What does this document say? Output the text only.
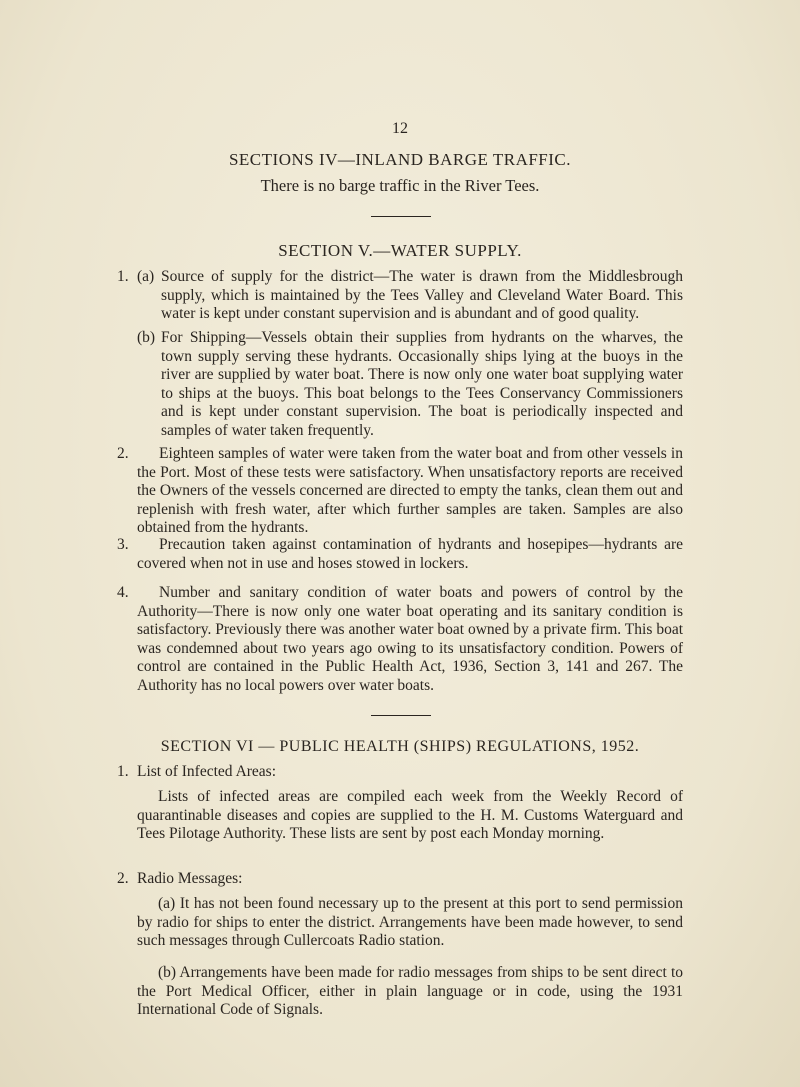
12
SECTIONS IV—INLAND BARGE TRAFFIC.
There is no barge traffic in the River Tees.
SECTION V.—WATER SUPPLY.
1. (a) Source of supply for the district—The water is drawn from the Middlesbrough supply, which is maintained by the Tees Valley and Cleveland Water Board. This water is kept under constant supervision and is abundant and of good quality.
(b) For Shipping—Vessels obtain their supplies from hydrants on the wharves, the town supply serving these hydrants. Occasionally ships lying at the buoys in the river are supplied by water boat. There is now only one water boat supplying water to ships at the buoys. This boat belongs to the Tees Conservancy Commissioners and is kept under constant supervision. The boat is periodically inspected and samples of water taken frequently.
2.	Eighteen samples of water were taken from the water boat and from other vessels in the Port. Most of these tests were satisfactory. When unsatisfactory reports are received the Owners of the vessels concerned are directed to empty the tanks, clean them out and replenish with fresh water, after which further samples are taken. Samples are also obtained from the hydrants.
3.	Precaution taken against contamination of hydrants and hosepipes—hydrants are covered when not in use and hoses stowed in lockers.
4.	Number and sanitary condition of water boats and powers of control by the Authority—There is now only one water boat operating and its sanitary condition is satisfactory. Previously there was another water boat owned by a private firm. This boat was condemned about two years ago owing to its unsatisfactory condition. Powers of control are contained in the Public Health Act, 1936, Section 3, 141 and 267. The Authority has no local powers over water boats.
SECTION VI — PUBLIC HEALTH (SHIPS) REGULATIONS, 1952.
1. List of Infected Areas:
Lists of infected areas are compiled each week from the Weekly Record of quarantinable diseases and copies are supplied to the H. M. Customs Waterguard and Tees Pilotage Authority. These lists are sent by post each Monday morning.
2. Radio Messages:
(a) It has not been found necessary up to the present at this port to send permission by radio for ships to enter the district. Arrangements have been made however, to send such messages through Cullercoats Radio station.
(b) Arrangements have been made for radio messages from ships to be sent direct to the Port Medical Officer, either in plain language or in code, using the 1931 International Code of Signals.
